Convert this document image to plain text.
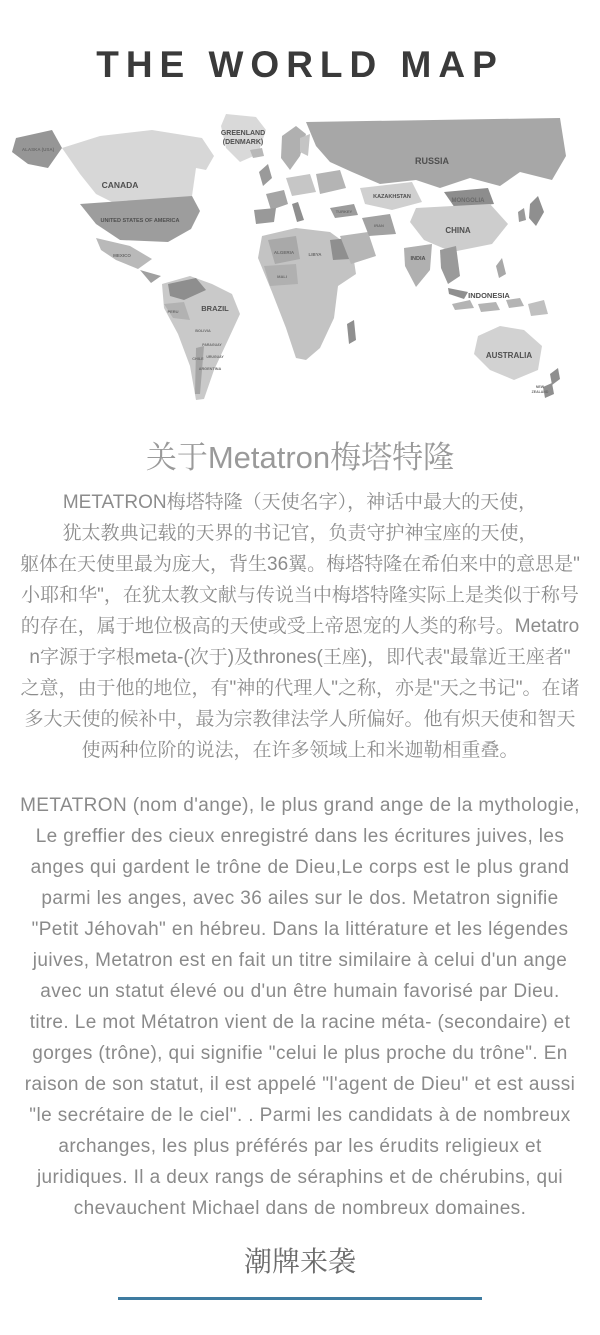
THE WORLD MAP
GREENLAND
(DENMARK)
ALASKA (USA)
CANADA
UNITED STATES OF AMERICA
MEXICO
BRAZIL
PERU
BOLIVIA
PARAGUAY
CHILE URUGUAY
ARGENTINA
RUSSIA
KAZAKHSTAN
MONGOLIA
CHINA
INDIA
INDONESIA
AUSTRALIA
NEW
ZEALAND
ALGERIA	LIBYA
MALI
TURKEY
IRAN
关于Metatron梅塔特隆
METATRON梅塔特隆（天使名字），神话中最大的天使，
犹太教典记载的天界的书记官，负责守护神宝座的天使，
躯体在天使里最为庞大，背生36翼。梅塔特隆在希伯来中的意思是"
小耶和华"，在犹太教文献与传说当中梅塔特隆实际上是类似于称号
的存在，属于地位极高的天使或受上帝恩宠的人类的称号。Metatro
n字源于字根meta-(次于)及thrones(王座)，即代表"最靠近王座者"
之意，由于他的地位，有"神的代理人"之称，亦是"天之书记"。在诸
多大天使的候补中，最为宗教律法学人所偏好。他有炽天使和智天
使两种位阶的说法，在许多领域上和米迦勒相重叠。
METATRON (nom d'ange), le plus grand ange de la mythologie,
Le greffier des cieux enregistré dans les écritures juives, les
anges qui gardent le trône de Dieu,Le corps est le plus grand
parmi les anges, avec 36 ailes sur le dos. Metatron signifie
"Petit Jéhovah" en hébreu. Dans la littérature et les légendes
juives, Metatron est en fait un titre similaire à celui d'un ange
avec un statut élevé ou d'un être humain favorisé par Dieu.
titre. Le mot Métatron vient de la racine méta- (secondaire) et
gorges (trône), qui signifie "celui le plus proche du trône". En
raison de son statut, il est appelé "l'agent de Dieu" et est aussi
"le secrétaire de le ciel". . Parmi les candidats à de nombreux
archanges, les plus préférés par les érudits religieux et
juridiques. Il a deux rangs de séraphins et de chérubins, qui
chevauchent Michael dans de nombreux domaines.
潮牌来袭
